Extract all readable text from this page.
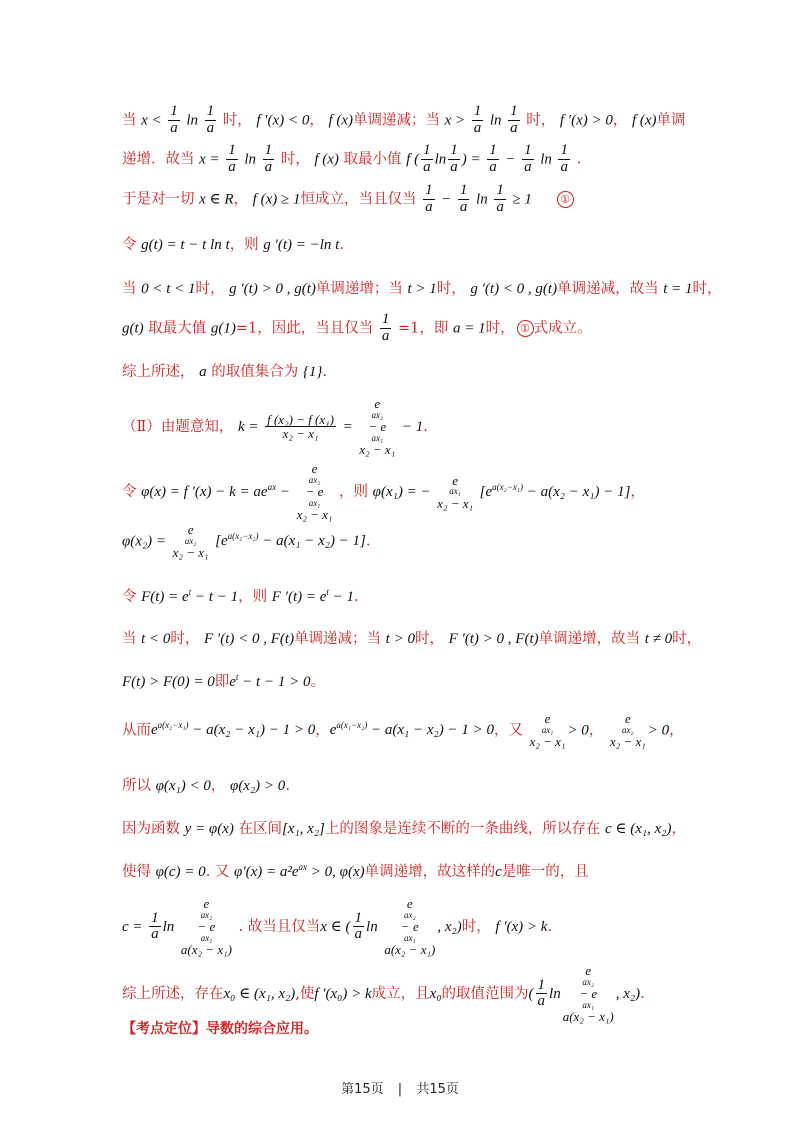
当 $x < \frac{1}{a}$ $\ln \frac{1}{a}$ 时， f ′(x) < 0， f (x)单调递减；当 $x > \frac{1}{a}$ $\ln \frac{1}{a}$ 时， f ′(x) > 0， f (x)单调
递增．故当 $x = \frac{1}{a}$ $\ln \frac{1}{a}$ 时， f (x) 取最小值 f ( $\frac{1}{a}$ $\ln \frac{1}{a}$ ) = $\frac{1}{a} - \frac{1}{a}$ $\ln \frac{1}{a}$ .
于是对一切 x ∈ R， f (x) ≥ 1恒成立，当且仅当 $\frac{1}{a} - \frac{1}{a}$ $\ln \frac{1}{a} \ge 1$	①
令 g(t) = t − t ln t，则 g ′(t) = −ln t.
当 0 < t < 1时， g ′(t) > 0 , g(t)单调递增；当 t > 1时， g ′(t) < 0 , g(t)单调递减，故当 t = 1时，
g(t) 取最大值 g(1)=1，因此，当且仅当 $\frac{1}{a} =1$，即 a = 1时， ① 式成立。
综上所述， a 的取值集合为 {1}.
（Ⅱ）由题意知， $k = \frac{\text{f (x₂) − f (x₁)}}{\text{x₂ − x₁}} = e$
ax₂
− e
ax₁
x₂ − x₁ − 1.
令 φ(x) = f $'(x) - k = ae^{ax} - e$
ax₂
− e
ax₁
x₂ − x₁ ，则 φ(x₁) = − e
ax₁
x₂ − x₁ $[e^{a(x_2-x_1)} - a(x_2 - x_1) - 1]$，
φ(x₂) = e
ax₂
x₂ − x₁ $[e^{a(x_1-x_2)} - a(x_1 - x_2) - 1]$.
令 $F(t) = e^t - t - 1$，则 F $'(t) = e^t - 1$.
当 t < 0时， F ′(t) < 0 , F(t)单调递减；当 t > 0时， F ′(t) > 0 , F(t)单调递增，故当 t ≠ 0时，
F(t) > F(0) = 0即$e^t - t - 1 > 0$。
从而$e^{a(x_2-x_1)} - a(x_2 - x_1) - 1 > 0$，$e^{a(x_1-x_2)} - a(x_1 - x_2) - 1 > 0$，又 e
ax₁
x₂ − x₁> 0， e
ax₂
x₂ − x₁> 0，
所以 φ(x₁) < 0， φ(x₂) > 0.
因为函数 y = φ(x) 在区间[x₁, x₂]上的图象是连续不断的一条曲线，所以存在 c ∈ (x₁, x₂)，
使得 φ(c) = 0. 又 $\varphi'(x) = a^2e^{ax} > 0$, φ(x)单调递增，故这样的c是唯一的，且
$c = \frac{1}{a}$ ln e
ax₂
− e
ax₁
a(x₂ − x₁) . 故当且仅当x ∈ ( $\frac{1}{a}$ ln e
ax₂
− e
ax₁
a(x₂ − x₁), x₂)时， f ′(x) > k.
综上所述，存在x₀ ∈ (x₁, x₂),使f ′(x₀) > k成立，且x₀的取值范围为( $\frac{1}{a}$ lne
ax₂
− e
ax₁
a(x₂ − x₁), x₂).
【考点定位】导数的综合应用。
第15页 | 共15页
